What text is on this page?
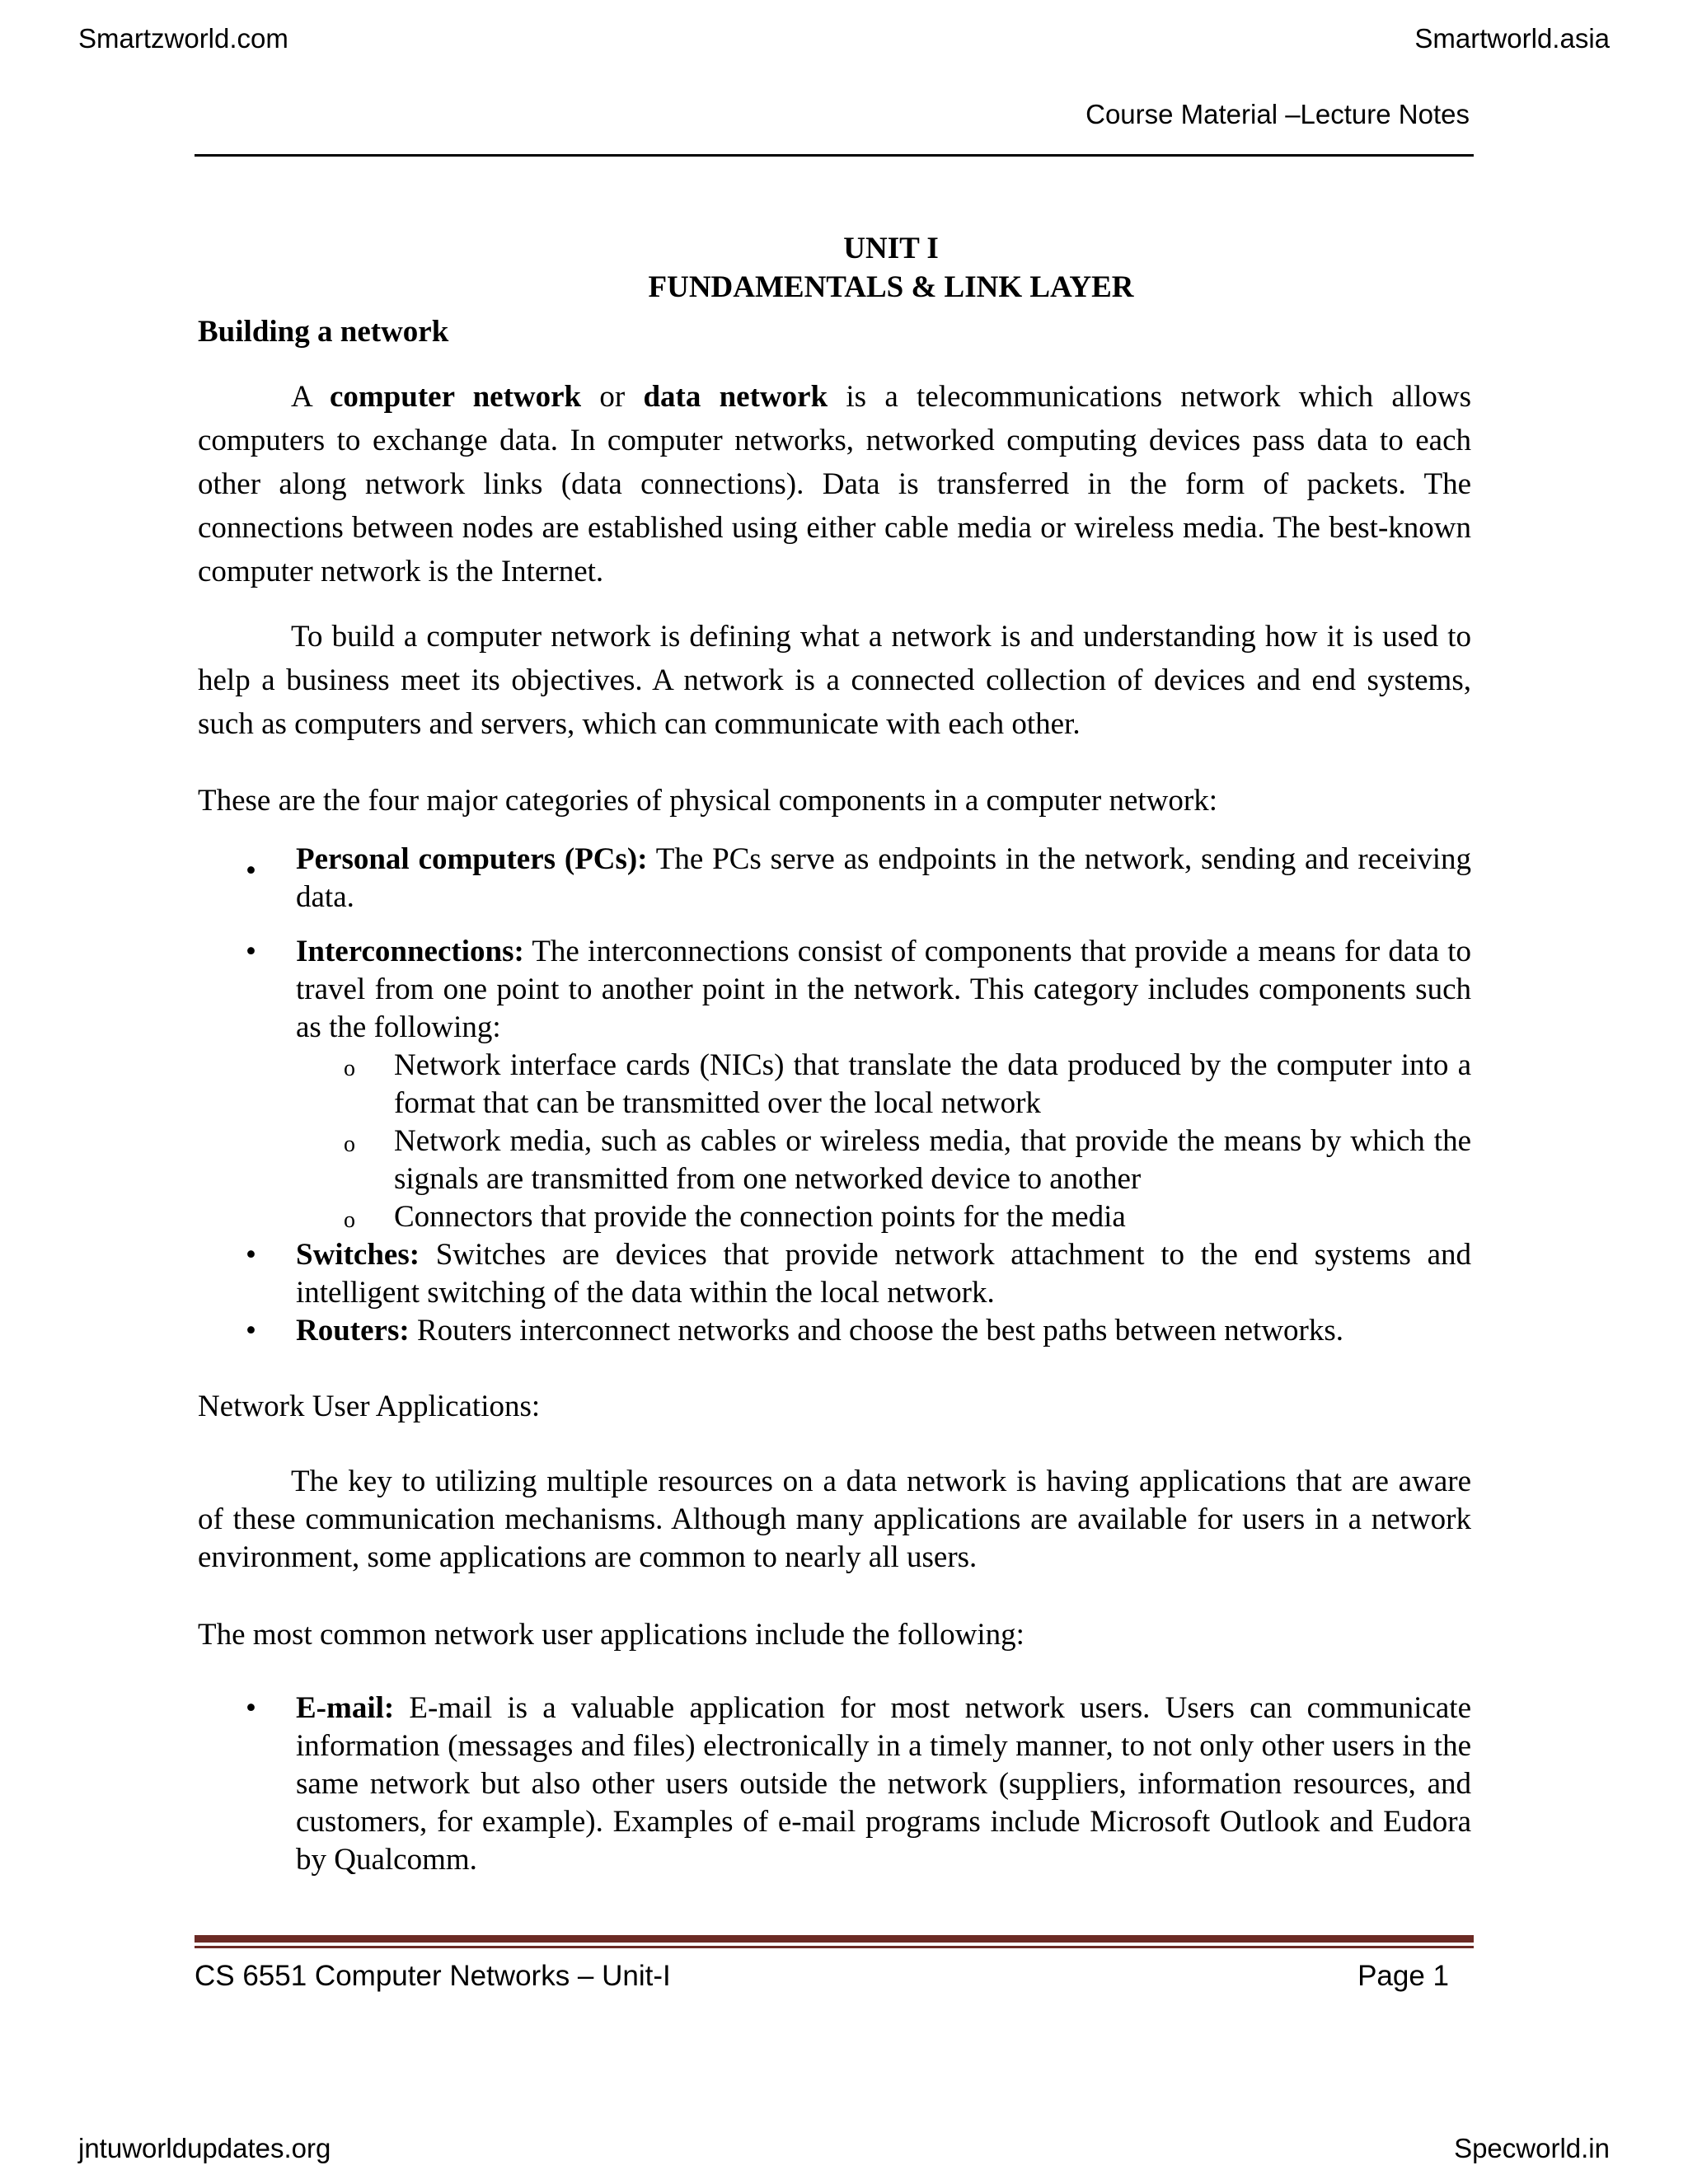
Smartzworld.com	Smartworld.asia
Course Material –Lecture Notes
UNIT I
FUNDAMENTALS & LINK LAYER
Building a network

A computer network or data network is a telecommunications network which allows computers to exchange data. In computer networks, networked computing devices pass data to each other along network links (data connections). Data is transferred in the form of packets. The connections between nodes are established using either cable media or wireless media. The best-known computer network is the Internet.

To build a computer network is defining what a network is and understanding how it is used to help a business meet its objectives. A network is a connected collection of devices and end systems, such as computers and servers, which can communicate with each other.

These are the four major categories of physical components in a computer network:

• Personal computers (PCs): The PCs serve as endpoints in the network, sending and receiving data.
• Interconnections: The interconnections consist of components that provide a means for data to travel from one point to another point in the network. This category includes components such as the following:
o Network interface cards (NICs) that translate the data produced by the computer into a format that can be transmitted over the local network
o Network media, such as cables or wireless media, that provide the means by which the signals are transmitted from one networked device to another
o Connectors that provide the connection points for the media
• Switches: Switches are devices that provide network attachment to the end systems and intelligent switching of the data within the local network.
• Routers: Routers interconnect networks and choose the best paths between networks.

Network User Applications:

The key to utilizing multiple resources on a data network is having applications that are aware of these communication mechanisms. Although many applications are available for users in a network environment, some applications are common to nearly all users.

The most common network user applications include the following:

• E-mail: E-mail is a valuable application for most network users. Users can communicate information (messages and files) electronically in a timely manner, to not only other users in the same network but also other users outside the network (suppliers, information resources, and customers, for example). Examples of e-mail programs include Microsoft Outlook and Eudora by Qualcomm.
CS 6551 Computer Networks – Unit-I	Page 1
jntuworldupdates.org	Specworld.in
